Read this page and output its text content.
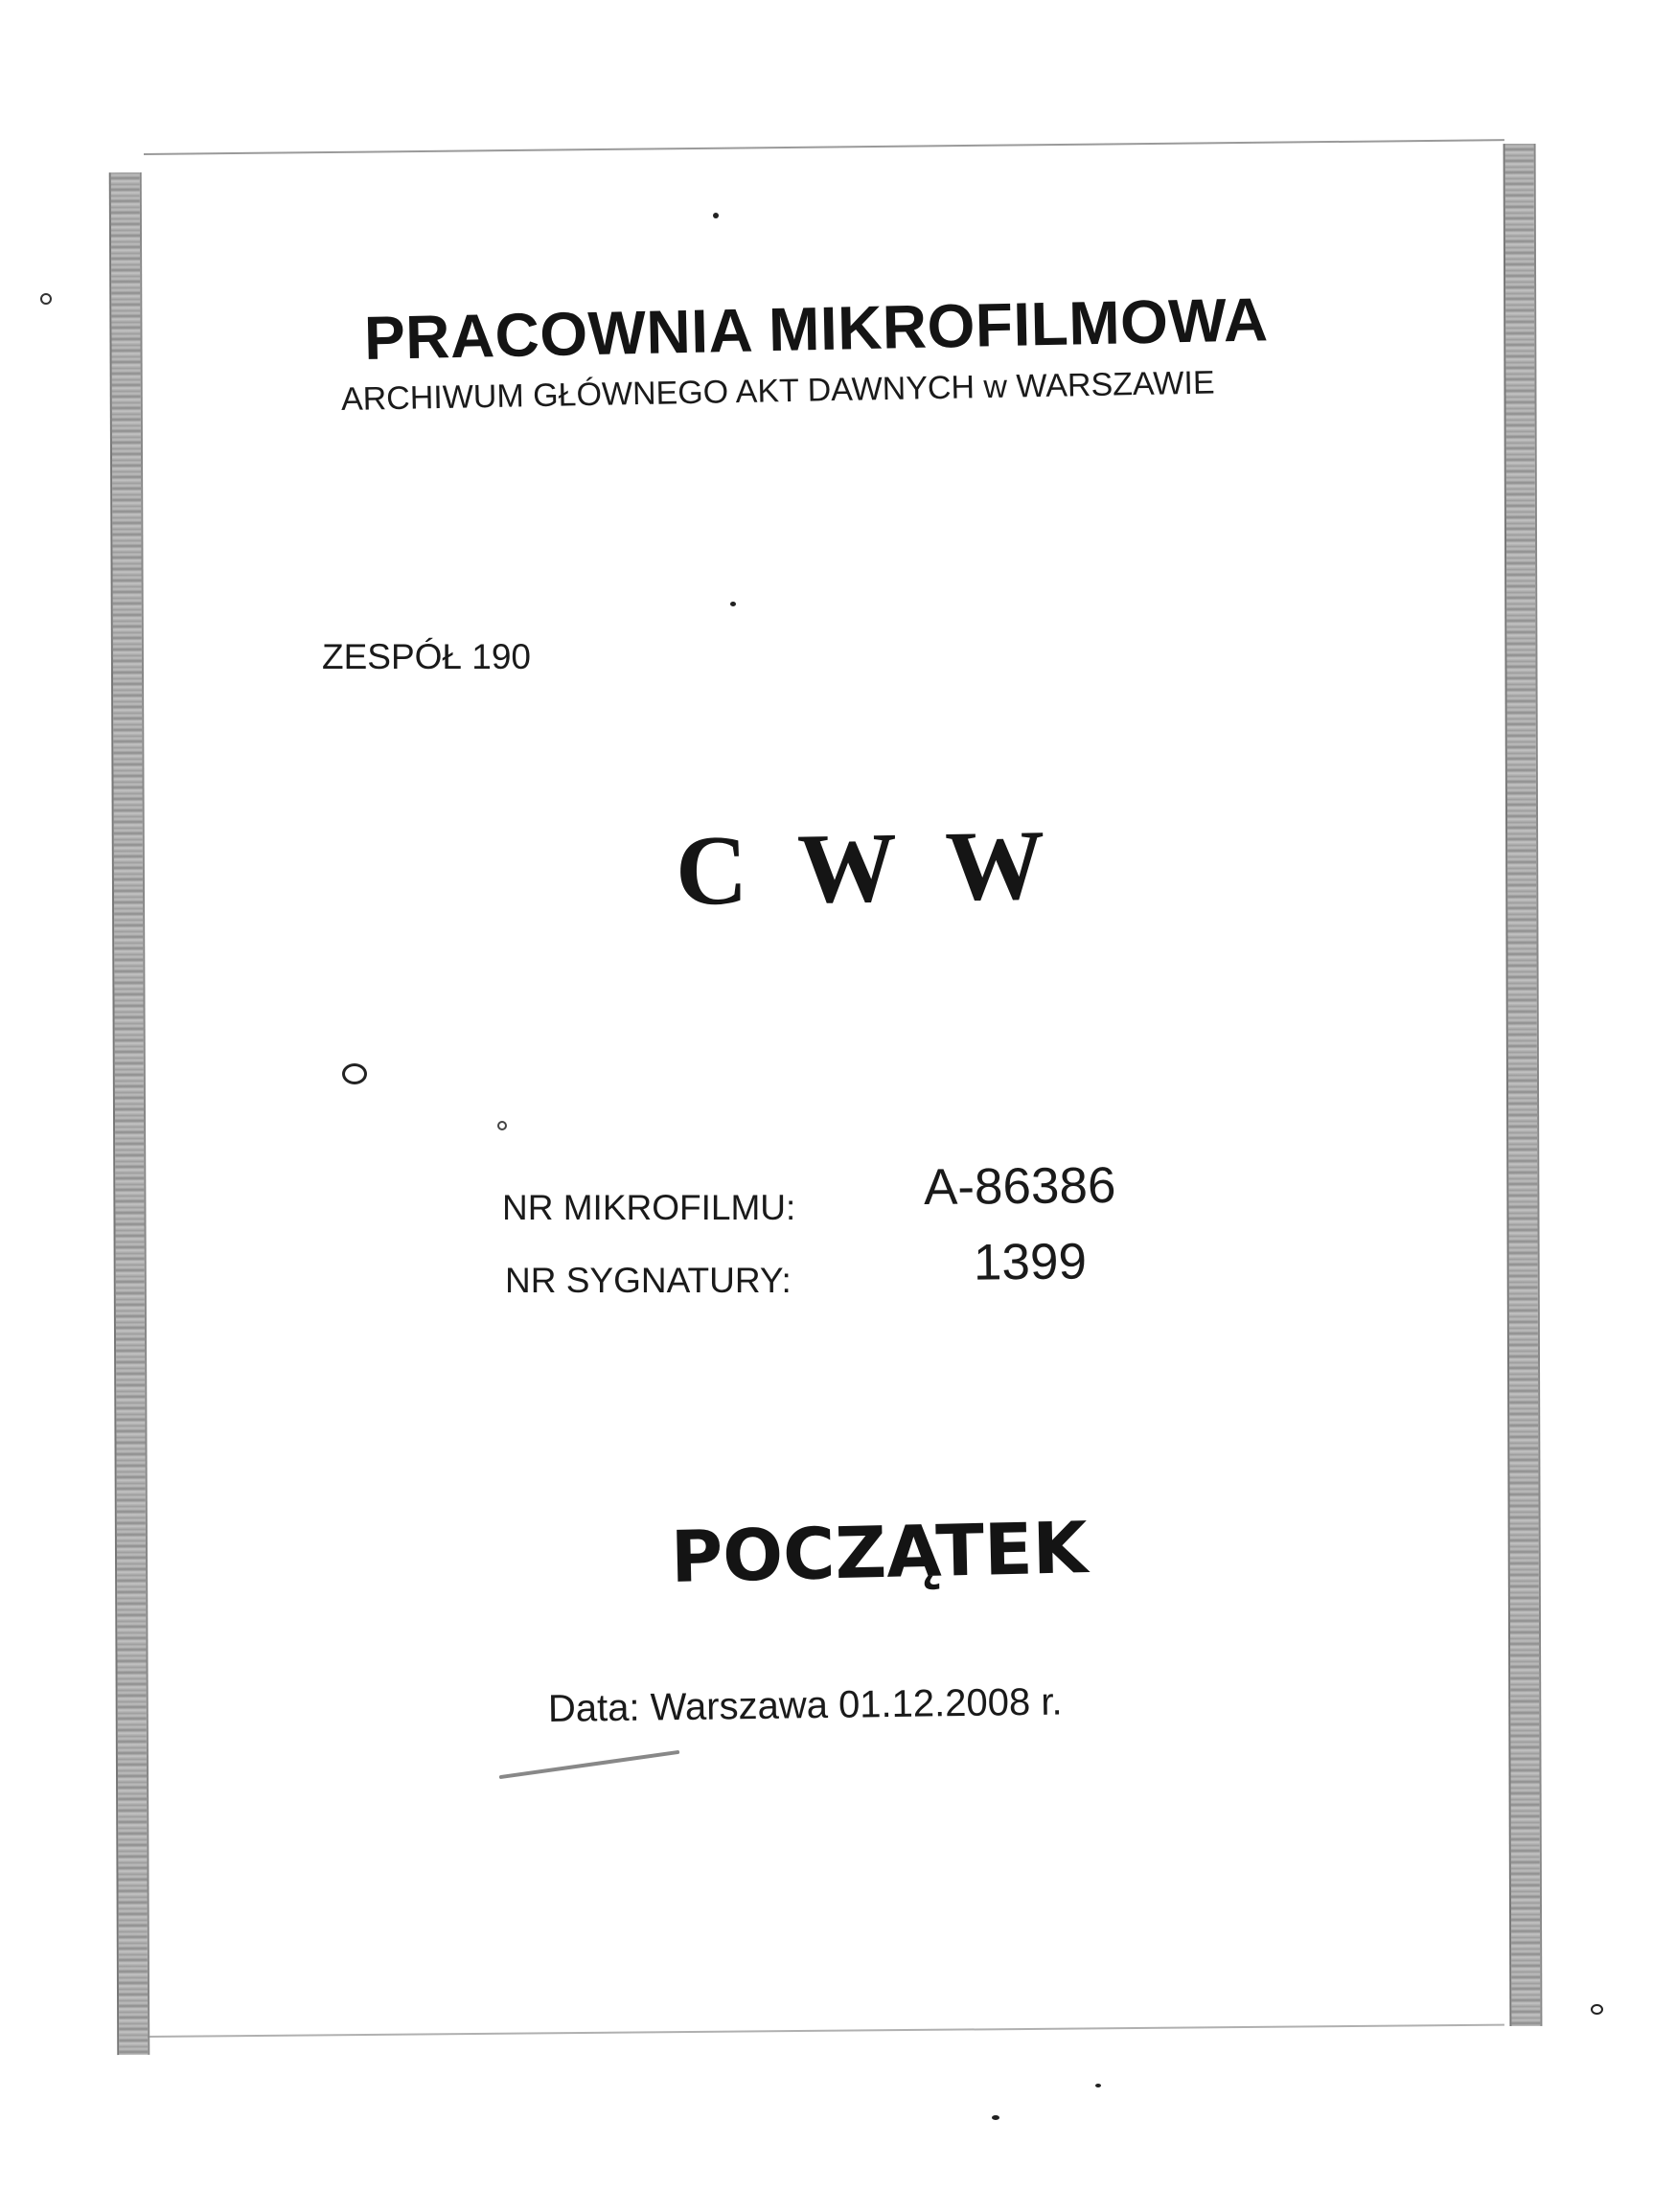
PRACOWNIA MIKROFILMOWA
ARCHIWUM GŁÓWNEGO AKT DAWNYCH w WARSZAWIE
ZESPÓŁ 190
C W W
NR MIKROFILMU:	A-86386
NR SYGNATURY:	1399
POCZĄTEK
Data: Warszawa 01.12.2008 r.
